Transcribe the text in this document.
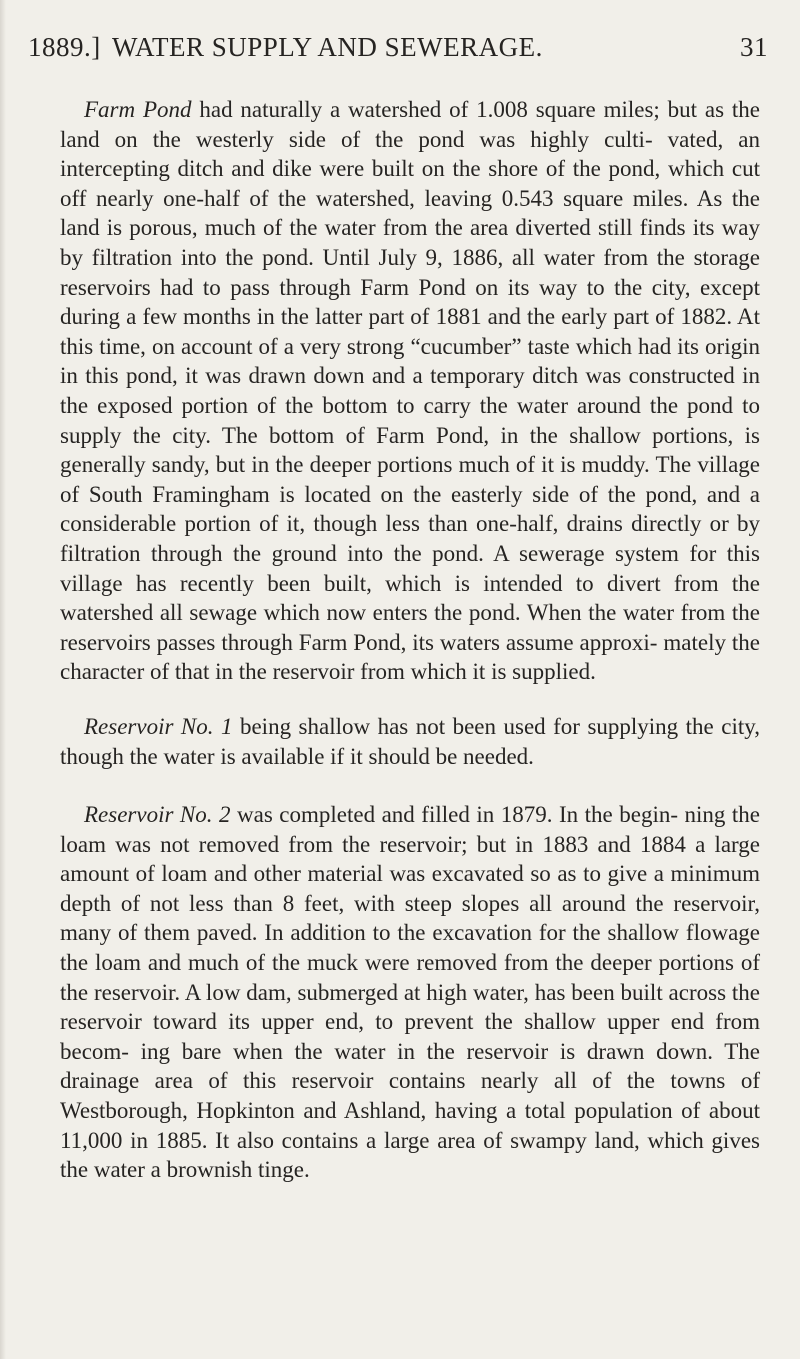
1889.] WATER SUPPLY AND SEWERAGE.	31

Farm Pond had naturally a watershed of 1.008 square miles; but as the land on the westerly side of the pond was highly culti- vated, an intercepting ditch and dike were built on the shore of the pond, which cut off nearly one-half of the watershed, leaving 0.543 square miles. As the land is porous, much of the water from the area diverted still finds its way by filtration into the pond. Until July 9, 1886, all water from the storage reservoirs had to pass through Farm Pond on its way to the city, except during a few months in the latter part of 1881 and the early part of 1882. At this time, on account of a very strong “cucumber” taste which had its origin in this pond, it was drawn down and a temporary ditch was constructed in the exposed portion of the bottom to carry the water around the pond to supply the city. The bottom of Farm Pond, in the shallow portions, is generally sandy, but in the deeper portions much of it is muddy. The village of South Framingham is located on the easterly side of the pond, and a considerable portion of it, though less than one-half, drains directly or by filtration through the ground into the pond. A sewerage system for this village has recently been built, which is intended to divert from the watershed all sewage which now enters the pond. When the water from the reservoirs passes through Farm Pond, its waters assume approxi- mately the character of that in the reservoir from which it is supplied.

Reservoir No. 1 being shallow has not been used for supplying the city, though the water is available if it should be needed.

Reservoir No. 2 was completed and filled in 1879. In the begin- ning the loam was not removed from the reservoir; but in 1883 and 1884 a large amount of loam and other material was excavated so as to give a minimum depth of not less than 8 feet, with steep slopes all around the reservoir, many of them paved. In addition to the excavation for the shallow flowage the loam and much of the muck were removed from the deeper portions of the reservoir. A low dam, submerged at high water, has been built across the reservoir toward its upper end, to prevent the shallow upper end from becom- ing bare when the water in the reservoir is drawn down. The drainage area of this reservoir contains nearly all of the towns of Westborough, Hopkinton and Ashland, having a total population of about 11,000 in 1885. It also contains a large area of swampy land, which gives the water a brownish tinge.
